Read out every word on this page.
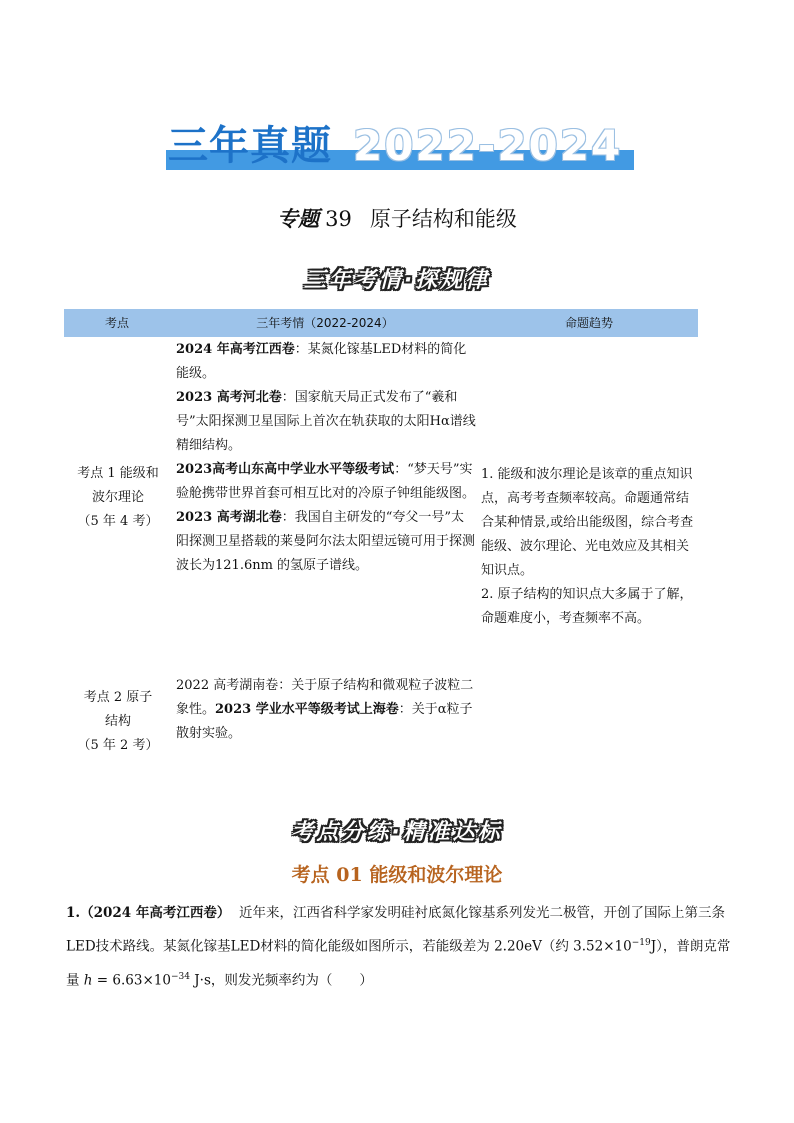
三年真题 2022-2024
专题 39 原子结构和能级
三年考情·探规律
考点	三年考情（2022-2024）	命题趋势
考点 1 能级和波尔理论
（5 年 4 考）

2024 年高考江西卷：某氮化镓基LED材料的简化能级。

2023 高考河北卷：国家航天局正式发布了“羲和号”太阳探测卫星国际上首次在轨获取的太阳Hα谱线精细结构。

2023高考山东高中学业水平等级考试：“梦天号”实验舱携带世界首套可相互比对的冷原子钟组能级图。

2023 高考湖北卷：我国自主研发的“夸父一号”太阳探测卫星搭载的莱曼阿尔法太阳望远镜可用于探测波长为121.6nm 的氢原子谱线。

1. 能级和波尔理论是该章的重点知识点，高考考查频率较高。命题通常结合某种情景,或给出能级图，综合考查能级、波尔理论、光电效应及其相关知识点。

2. 原子结构的知识点大多属于了解，命题难度小，考查频率不高。

考点 2 原子结构
（5 年 2 考）

2022 高考湖南卷：关于原子结构和微观粒子波粒二象性。2023 学业水平等级考试上海卷：关于α粒子散射实验。

考点分练·精准达标
考点 01 能级和波尔理论
1.（2024 年高考江西卷） 近年来，江西省科学家发明硅衬底氮化镓基系列发光二极管，开创了国际上第三条LED技术路线。某氮化镓基LED材料的简化能级如图所示，若能级差为 2.20eV（约 $3.52\times 10^{-19}J$），普朗克常量 $h = 6.63\times 10^{-34}$ J·s，则发光频率约为（　　）
